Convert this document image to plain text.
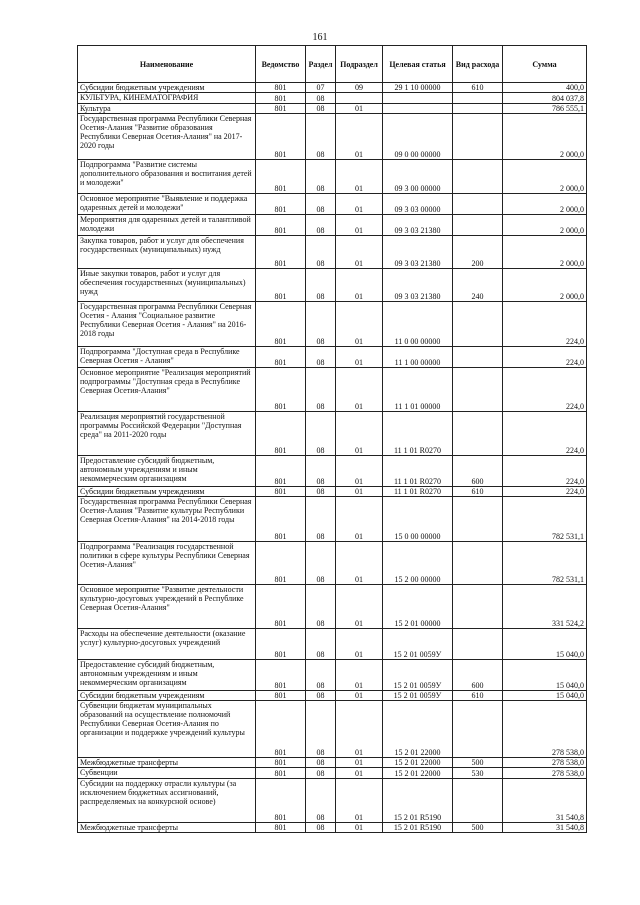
161
Наименование	Ведомство	Раздел	Подраздел	Целевая статья	Вид расхода	Сумма
Субсидии бюджетным учреждениям	801	07	09	29 1 10 00000	610	400,0
КУЛЬТУРА, КИНЕМАТОГРАФИЯ	801	08				804 037,8
Культура	801	08	01			786 555,1
Государственная программа Республики Северная Осетия-Алания "Развитие образования Республики Северная Осетия-Алания" на 2017-2020 годы	801	08	01	09 0 00 00000		2 000,0
Подпрограмма "Развитие системы дополнительного образования и воспитания детей и молодежи"	801	08	01	09 3 00 00000		2 000,0
Основное мероприятие "Выявление и поддержка одаренных детей и молодежи"	801	08	01	09 3 03 00000		2 000,0
Мероприятия для одаренных детей и талантливой молодежи	801	08	01	09 3 03 21380		2 000,0
Закупка товаров, работ и услуг для обеспечения государственных (муниципальных) нужд	801	08	01	09 3 03 21380	200	2 000,0
Иные закупки товаров, работ и услуг для обеспечения государственных (муниципальных) нужд	801	08	01	09 3 03 21380	240	2 000,0
Государственная программа Республики Северная Осетия - Алания "Социальное развитие Республики Северная Осетия - Алания" на 2016-2018 годы	801	08	01	11 0 00 00000		224,0
Подпрограмма "Доступная среда в Республике Северная Осетия - Алания"	801	08	01	11 1 00 00000		224,0
Основное мероприятие "Реализация мероприятий подпрограммы "Доступная среда в Республике Северная Осетия-Алания"	801	08	01	11 1 01 00000		224,0
Реализация мероприятий государственной программы Российской Федерации "Доступная среда" на 2011-2020 годы	801	08	01	11 1 01 R0270		224,0
Предоставление субсидий бюджетным, автономным учреждениям и иным некоммерческим организациям	801	08	01	11 1 01 R0270	600	224,0
Субсидии бюджетным учреждениям	801	08	01	11 1 01 R0270	610	224,0
Государственная программа Республики Северная Осетия-Алания "Развитие культуры Республики Северная Осетия-Алания" на 2014-2018 годы	801	08	01	15 0 00 00000		782 531,1
Подпрограмма "Реализация государственной политики в сфере культуры Республики Северная Осетия-Алания"	801	08	01	15 2 00 00000		782 531,1
Основное мероприятие "Развитие деятельности культурно-досуговых учреждений в Республике Северная Осетия-Алания"	801	08	01	15 2 01 00000		331 524,2
Расходы на обеспечение деятельности (оказание услуг) культурно-досуговых учреждений	801	08	01	15 2 01 0059У		15 040,0
Предоставление субсидий бюджетным, автономным учреждениям и иным некоммерческим организациям	801	08	01	15 2 01 0059У	600	15 040,0
Субсидии бюджетным учреждениям	801	08	01	15 2 01 0059У	610	15 040,0
Субвенции бюджетам муниципальных образований на осуществление полномочий Республики Северная Осетия-Алания по организации и поддержке учреждений культуры	801	08	01	15 2 01 22000		278 538,0
Межбюджетные трансферты	801	08	01	15 2 01 22000	500	278 538,0
Субвенции	801	08	01	15 2 01 22000	530	278 538,0
Субсидии на поддержку отрасли культуры (за исключением бюджетных ассигнований, распределяемых на конкурсной основе)	801	08	01	15 2 01 R5190		31 540,8
Межбюджетные трансферты	801	08	01	15 2 01 R5190	500	31 540,8
